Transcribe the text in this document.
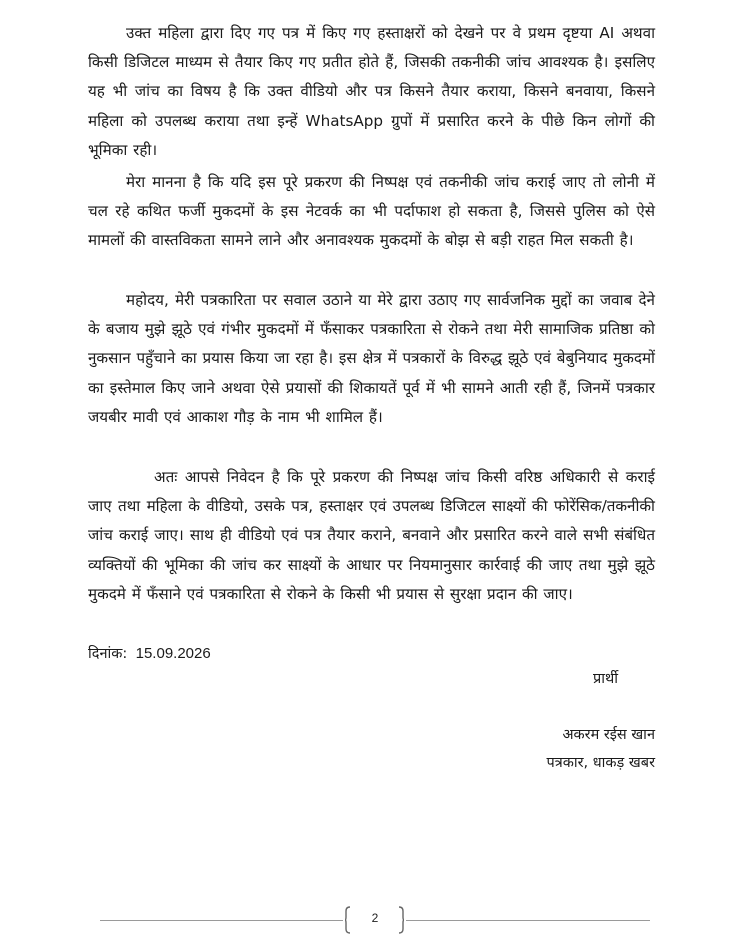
उक्त महिला द्वारा दिए गए पत्र में किए गए हस्ताक्षरों को देखने पर वे प्रथम दृष्टया AI अथवा किसी डिजिटल माध्यम से तैयार किए गए प्रतीत होते हैं, जिसकी तकनीकी जांच आवश्यक है। इसलिए यह भी जांच का विषय है कि उक्त वीडियो और पत्र किसने तैयार कराया, किसने बनवाया, किसने महिला को उपलब्ध कराया तथा इन्हें WhatsApp ग्रुपों में प्रसारित करने के पीछे किन लोगों की भूमिका रही।

मेरा मानना है कि यदि इस पूरे प्रकरण की निष्पक्ष एवं तकनीकी जांच कराई जाए तो लोनी में चल रहे कथित फर्जी मुकदमों के इस नेटवर्क का भी पर्दाफाश हो सकता है, जिससे पुलिस को ऐसे मामलों की वास्तविकता सामने लाने और अनावश्यक मुकदमों के बोझ से बड़ी राहत मिल सकती है।

महोदय, मेरी पत्रकारिता पर सवाल उठाने या मेरे द्वारा उठाए गए सार्वजनिक मुद्दों का जवाब देने के बजाय मुझे झूठे एवं गंभीर मुकदमों में फँसाकर पत्रकारिता से रोकने तथा मेरी सामाजिक प्रतिष्ठा को नुकसान पहुँचाने का प्रयास किया जा रहा है। इस क्षेत्र में पत्रकारों के विरुद्ध झूठे एवं बेबुनियाद मुकदमों का इस्तेमाल किए जाने अथवा ऐसे प्रयासों की शिकायतें पूर्व में भी सामने आती रही हैं, जिनमें पत्रकार जयबीर मावी एवं आकाश गौड़ के नाम भी शामिल हैं।

अतः आपसे निवेदन है कि पूरे प्रकरण की निष्पक्ष जांच किसी वरिष्ठ अधिकारी से कराई जाए तथा महिला के वीडियो, उसके पत्र, हस्ताक्षर एवं उपलब्ध डिजिटल साक्ष्यों की फोरेंसिक/तकनीकी जांच कराई जाए। साथ ही वीडियो एवं पत्र तैयार कराने, बनवाने और प्रसारित करने वाले सभी संबंधित व्यक्तियों की भूमिका की जांच कर साक्ष्यों के आधार पर नियमानुसार कार्रवाई की जाए तथा मुझे झूठे मुकदमे में फँसाने एवं पत्रकारिता से रोकने के किसी भी प्रयास से सुरक्षा प्रदान की जाए।

दिनांक: 15.09.2026
प्रार्थी
अकरम रईस खान
पत्रकार, धाकड़ खबर
2
